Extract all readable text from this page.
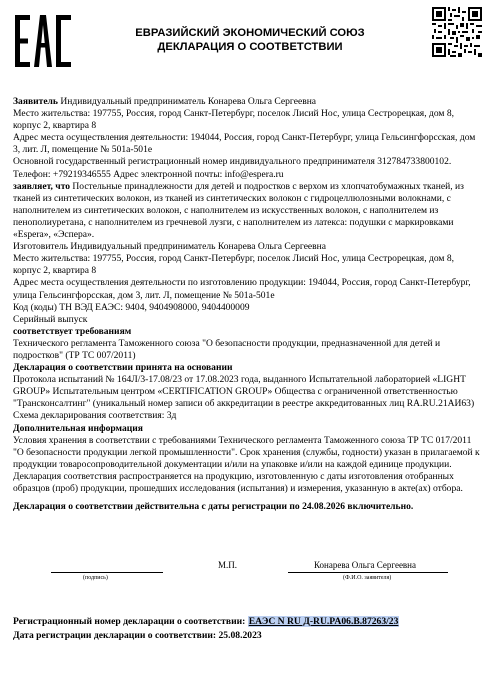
ЕВРАЗИЙСКИЙ ЭКОНОМИЧЕСКИЙ СОЮЗ
ДЕКЛАРАЦИЯ О СООТВЕТСТВИИ

Заявитель Индивидуальный предприниматель Конарева Ольга Сергеевна

Место жительства: 197755, Россия, город Санкт-Петербург, поселок Лисий Нос, улица Сестрорецкая, дом 8, корпус 2, квартира 8

Адрес места осуществления деятельности: 194044, Россия, город Санкт-Петербург, улица Гельсингфорсская, дом 3, лит. Л, помещение № 501а-501е

Основной государственный регистрационный номер индивидуального предпринимателя 312784733800102.

Телефон: +79219346555 Адрес электронной почты: info@espera.ru

заявляет, что Постельные принадлежности для детей и подростков с верхом из хлопчатобумажных тканей, из тканей из синтетических волокон, из тканей из синтетических волокон с гидроцеллюлозными волокнами, с наполнителем из синтетических волокон, с наполнителем из искусственных волокон, с наполнителем из пенополиуретана, с наполнителем из гречневой лузги, с наполнителем из латекса: подушки с маркировками «Espera», «Эспера».

Изготовитель Индивидуальный предприниматель Конарева Ольга Сергеевна

Место жительства: 197755, Россия, город Санкт-Петербург, поселок Лисий Нос, улица Сестрорецкая, дом 8, корпус 2, квартира 8

Адрес места осуществления деятельности по изготовлению продукции: 194044, Россия, город Санкт-Петербург, улица Гельсингфорсская, дом 3, лит. Л, помещение № 501а-501е

Код (коды) ТН ВЭД ЕАЭС: 9404, 9404908000, 9404400009

Серийный выпуск

соответствует требованиям

Технического регламента Таможенного союза "О безопасности продукции, предназначенной для детей и подростков" (ТР ТС 007/2011)

Декларация о соответствии принята на основании

Протокола испытаний № 164Л/3-17.08/23 от 17.08.2023 года, выданного Испытательной лабораторией «LIGHT GROUP» Испытательным центром «CERTIFICATION GROUP» Общества с ограниченной ответственностью "Трансконсалтинг" (уникальный номер записи об аккредитации в реестре аккредитованных лиц RA.RU.21АИ63)

Схема декларирования соответствия: 3д

Дополнительная информация

Условия хранения в соответствии с требованиями Технического регламента Таможенного союза ТР ТС 017/2011 "О безопасности продукции легкой промышленности". Срок хранения (службы, годности) указан в прилагаемой к продукции товаросопроводительной документации и/или на упаковке и/или на каждой единице продукции. Декларация соответствия распространяется на продукцию, изготовленную с даты изготовления отобранных образцов (проб) продукции, прошедших исследования (испытания) и измерения, указанную в акте(ах) отбора.

Декларация о соответствии действительна с даты регистрации по 24.08.2026 включительно.

М.П.	Конарева Ольга Сергеевна
(подпись)	(Ф.И.О. заявителя)
Регистрационный номер декларации о соответствии: ЕАЭС N RU Д-RU.PA06.B.87263/23
Дата регистрации декларации о соответствии: 25.08.2023
